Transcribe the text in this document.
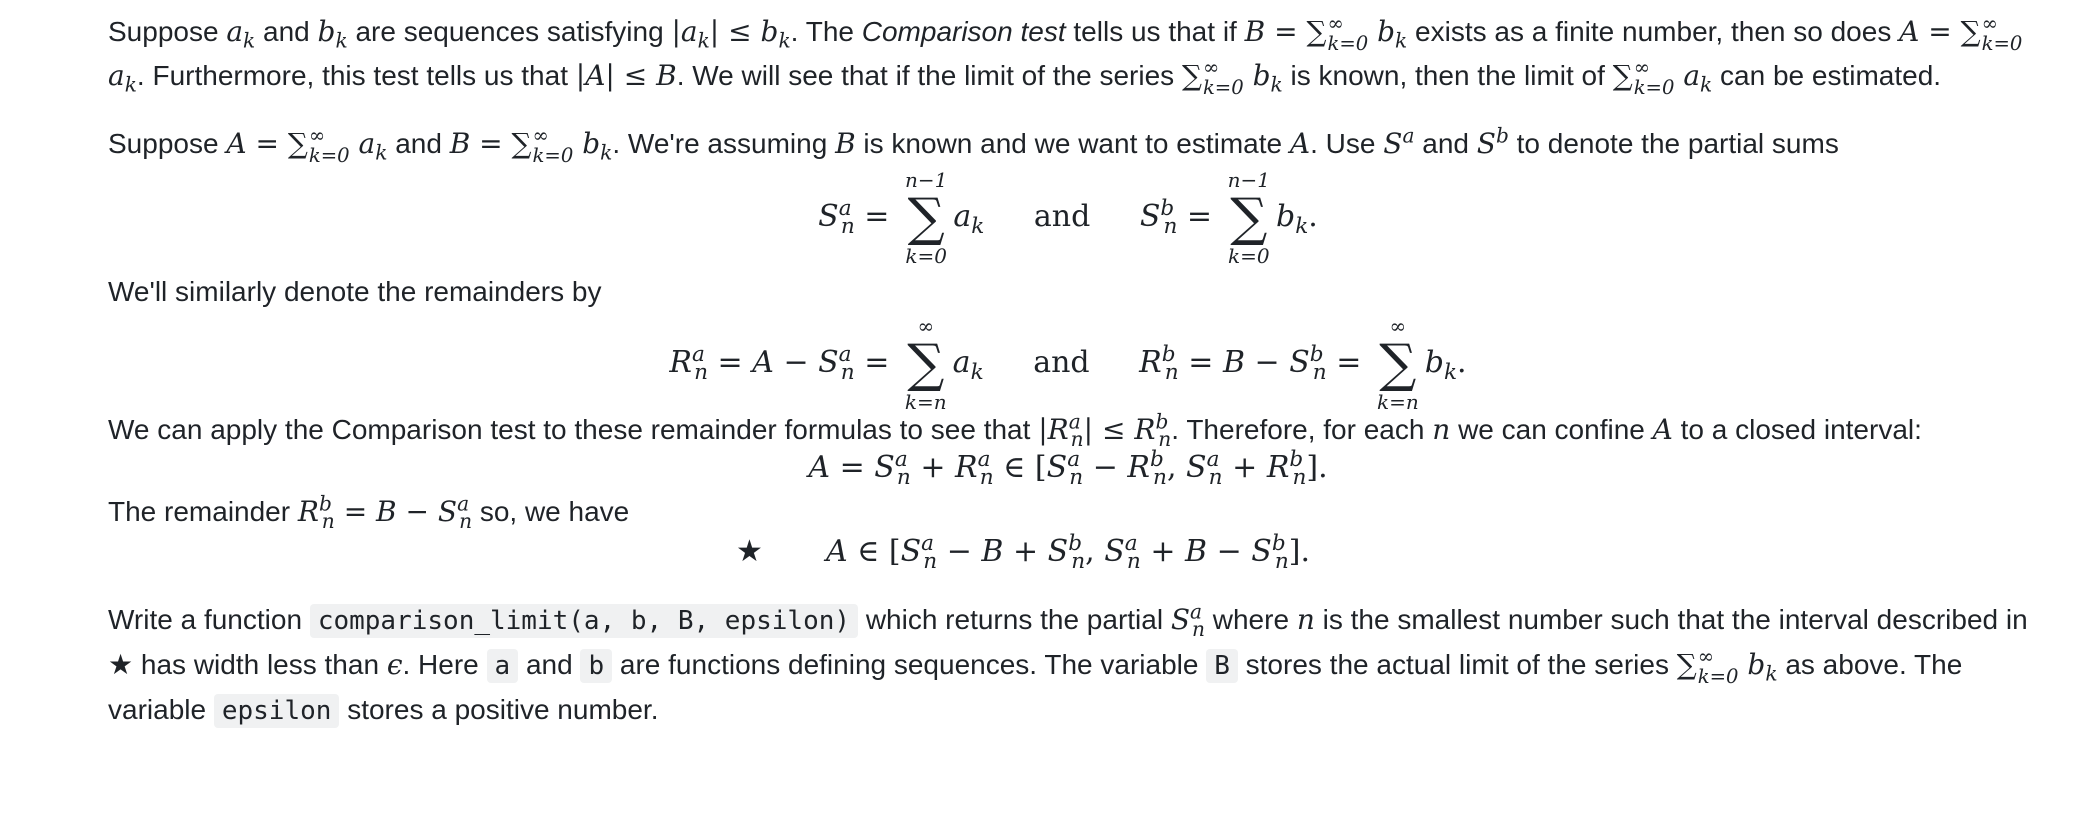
Suppose $a_k$ and $b_k$ are sequences satisfying $|a_k| \le b_k$. The Comparison test tells us that if B = ∑ ∞
k=0 $b_k$ exists as a finite number, then so does A = ∑ ∞
k=0
$a_k$. Furthermore, this test tells us that |A| ≤ B. We will see that if the limit of the series ∑ ∞
k=0 $b_k$ is known, then the limit of ∑ ∞
k=0 $a_k$ can be estimated.

Suppose A = ∑ ∞
k=0 $a_k$ and B = ∑ ∞
k=0 $b_k$. We're assuming B is known and we want to estimate A. Use $S^a$ and $S^b$ to denote the partial sums

$S^a_n$ =
n−1
∑
k=0
$a_k$ and $S^b_n$ =
n−1
∑
k=0
$b_k$.

We'll similarly denote the remainders by

$R^a_n = A - S^a_n$ =
∞
∑
k=n
$a_k$ and $R^b_n = B - S^b_n$ =
∞
∑
k=n
$b_k$.

We can apply the Comparison test to these remainder formulas to see that $|R^a_n| \le R^b_n$. Therefore, for each n we can confine A to a closed interval:

$A = S^a_n + R^a_n$ ∈ [$S^a_n - R^b_n$, $S^a_n + R^b_n$].

The remainder $R^b_n = B - S^a_n$ so, we have

★ A ∈ [$S^a_n - B + S^b_n$, $S^a_n + B - S^b_n$].

Write a function comparison_limit(a, b, B, epsilon) which returns the partial $S^a_n$ where n is the smallest number such that the interval described in ★ has width less than ϵ. Here a and b are functions defining sequences. The variable B stores the actual limit of the series ∑ ∞
k=0 $b_k$ as above. The variable epsilon stores a positive number.
